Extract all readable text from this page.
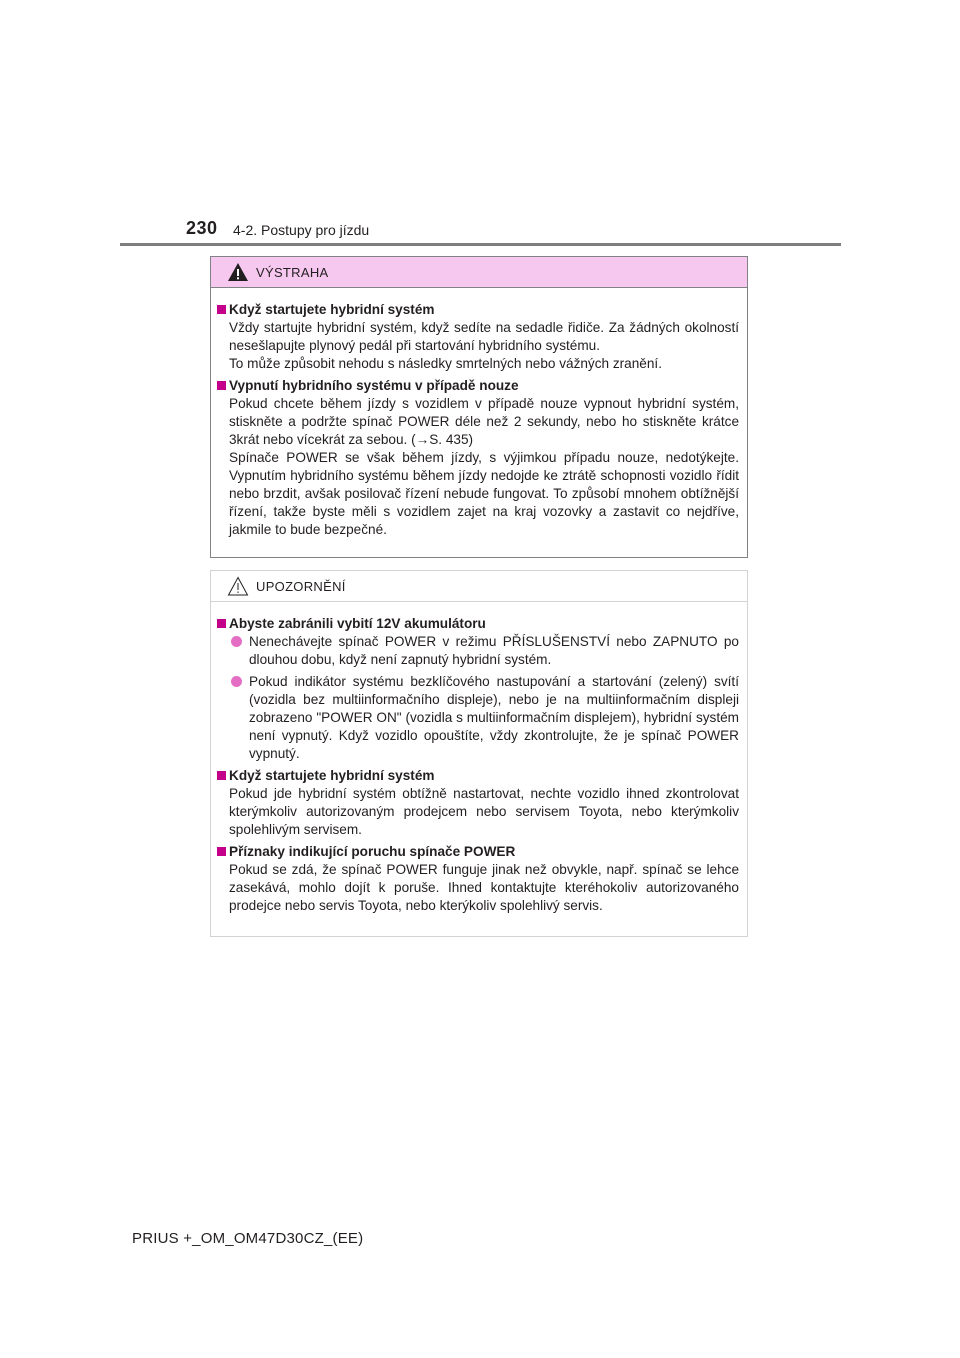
230 4-2. Postupy pro jízdu
VÝSTRAHA
Když startujete hybridní systém
Vždy startujte hybridní systém, když sedíte na sedadle řidiče. Za žádných okolností nesešlapujte plynový pedál při startování hybridního systému.
To může způsobit nehodu s následky smrtelných nebo vážných zranění.
Vypnutí hybridního systému v případě nouze
Pokud chcete během jízdy s vozidlem v případě nouze vypnout hybridní systém, stiskněte a podržte spínač POWER déle než 2 sekundy, nebo ho stiskněte krátce 3krát nebo vícekrát za sebou. (→S. 435)
Spínače POWER se však během jízdy, s výjimkou případu nouze, nedotýkejte. Vypnutím hybridního systému během jízdy nedojde ke ztrátě schopnosti vozidlo řídit nebo brzdit, avšak posilovač řízení nebude fungovat. To způsobí mnohem obtížnější řízení, takže byste měli s vozidlem zajet na kraj vozovky a zastavit co nejdříve, jakmile to bude bezpečné.
UPOZORNĚNÍ
Abyste zabránili vybití 12V akumulátoru
Nenechávejte spínač POWER v režimu PŘÍSLUŠENSTVÍ nebo ZAPNUTO po dlouhou dobu, když není zapnutý hybridní systém.
Pokud indikátor systému bezklíčového nastupování a startování (zelený) svítí (vozidla bez multiinformačního displeje), nebo je na multiinformačním displeji zobrazeno "POWER ON" (vozidla s multiinformačním displejem), hybridní systém není vypnutý. Když vozidlo opouštíte, vždy zkontrolujte, že je spínač POWER vypnutý.
Když startujete hybridní systém
Pokud jde hybridní systém obtížně nastartovat, nechte vozidlo ihned zkontrolovat kterýmkoliv autorizovaným prodejcem nebo servisem Toyota, nebo kterýmkoliv spolehlivým servisem.
Příznaky indikující poruchu spínače POWER
Pokud se zdá, že spínač POWER funguje jinak než obvykle, např. spínač se lehce zasekává, mohlo dojít k poruše. Ihned kontaktujte kteréhokoliv autorizovaného prodejce nebo servis Toyota, nebo kterýkoliv spolehlivý servis.
PRIUS +_OM_OM47D30CZ_(EE)
